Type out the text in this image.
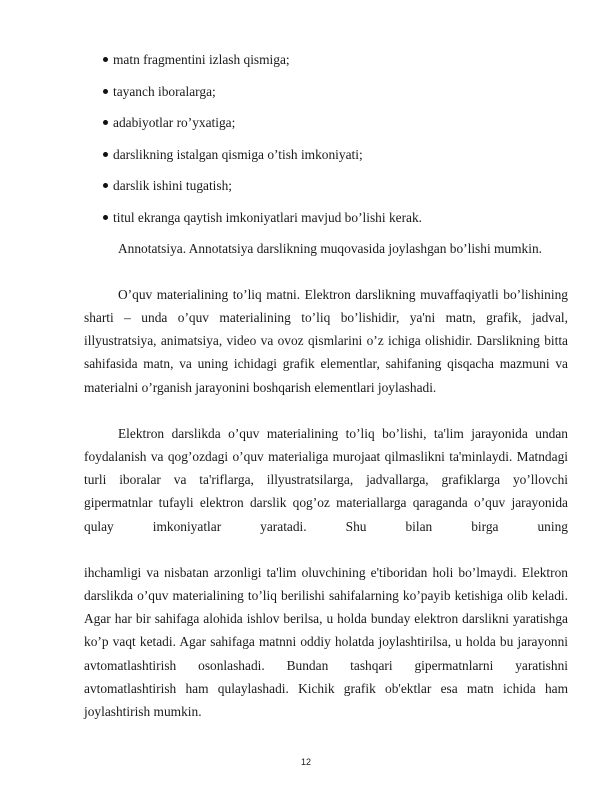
matn fragmentini izlash qismiga;
tayanch iboralarga;
adabiyotlar ro’yxatiga;
darslikning istalgan qismiga o’tish imkoniyati;
darslik ishini tugatish;
titul ekranga qaytish imkoniyatlari mavjud bo’lishi kerak.

Annotatsiya. Annotatsiya darslikning muqovasida joylashgan bo’lishi mumkin.

O’quv materialining to’liq matni. Elektron darslikning muvaffaqiyatli bo’lishining sharti – unda o’quv materialining to’liq bo’lishidir, ya'ni matn, grafik, jadval, illyustratsiya, animatsiya, video va ovoz qismlarini o’z ichiga olishidir. Darslikning bitta sahifasida matn, va uning ichidagi grafik elementlar, sahifaning qisqacha mazmuni va materialni o’rganish jarayonini boshqarish elementlari joylashadi.

Elektron darslikda o’quv materialining to’liq bo’lishi, ta'lim jarayonida undan foydalanish va qog’ozdagi o’quv materialiga murojaat qilmaslikni ta'minlaydi. Matndagi turli iboralar va ta'riflarga, illyustratsilarga, jadvallarga, grafiklarga yo’llovchi gipermatnlar tufayli elektron darslik qog’oz materiallarga qaraganda o’quv jarayonida qulay imkoniyatlar yaratadi. Shu bilan birga uning

ihchamligi va nisbatan arzonligi ta'lim oluvchining e'tiboridan holi bo’lmaydi. Elektron darslikda o’quv materialining to’liq berilishi sahifalarning ko’payib ketishiga olib keladi. Agar har bir sahifaga alohida ishlov berilsa, u holda bunday elektron darslikni yaratishga ko’p vaqt ketadi. Agar sahifaga matnni oddiy holatda joylashtirilsa, u holda bu jarayonni avtomatlashtirish osonlashadi. Bundan tashqari gipermatnlarni yaratishni avtomatlashtirish ham qulaylashadi. Kichik grafik ob'ektlar esa matn ichida ham joylashtirish mumkin.

12
